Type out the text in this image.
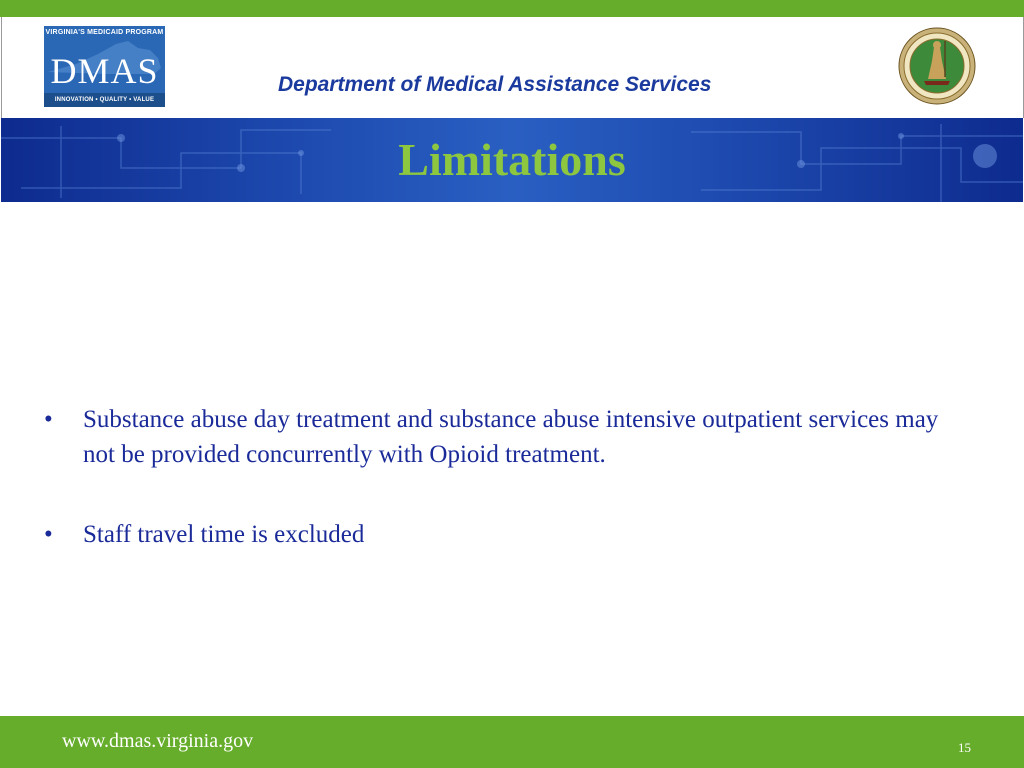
VIRGINIA'S MEDICAID PROGRAM
DMAS
INNOVATION • QUALITY • VALUE
Department of Medical Assistance Services
Limitations
• Substance abuse day treatment and substance abuse intensive outpatient services may not be provided concurrently with Opioid treatment.
• Staff travel time is excluded
www.dmas.virginia.gov	15
